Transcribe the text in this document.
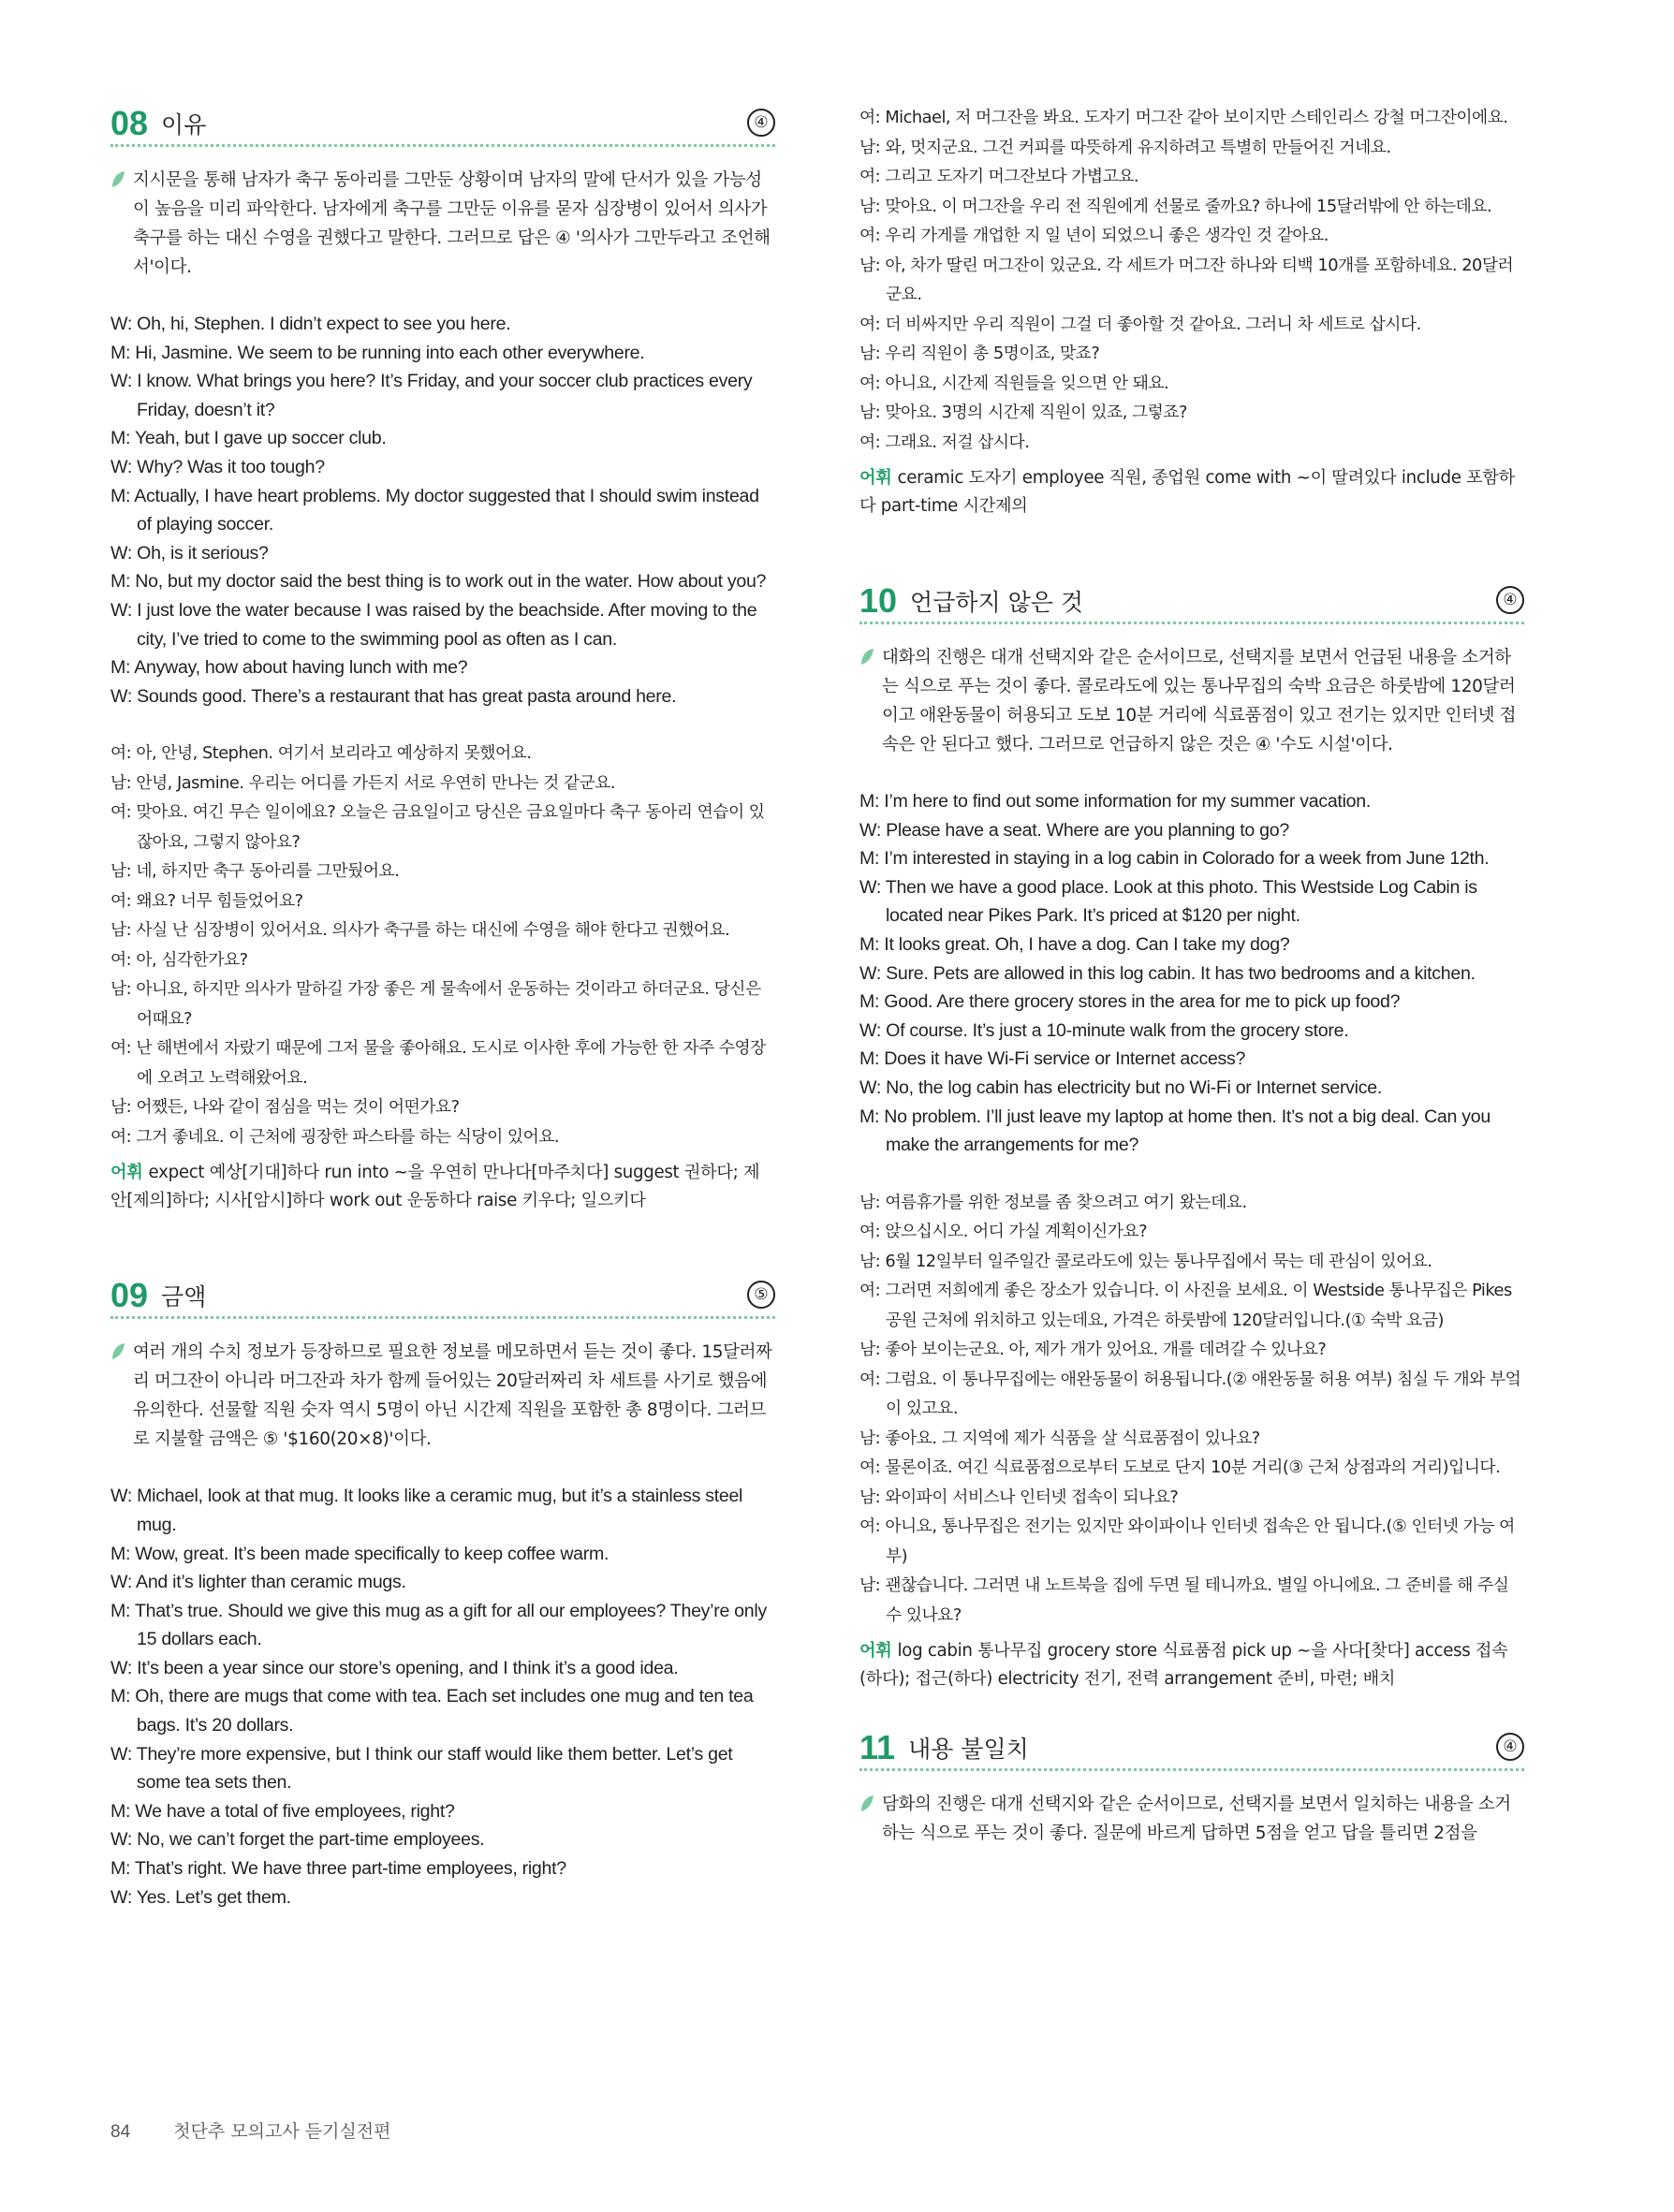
08 이유	④
지시문을 통해 남자가 축구 동아리를 그만둔 상황이며 남자의 말에 단서가 있을 가능성이 높음을 미리 파악한다. 남자에게 축구를 그만둔 이유를 묻자 심장병이 있어서 의사가 축구를 하는 대신 수영을 권했다고 말한다. 그러므로 답은 ④ '의사가 그만두라고 조언해서'이다.
W: Oh, hi, Stephen. I didn’t expect to see you here.
M: Hi, Jasmine. We seem to be running into each other everywhere.
W: I know. What brings you here? It’s Friday, and your soccer club practices every Friday, doesn’t it?
M: Yeah, but I gave up soccer club.
W: Why? Was it too tough?
M: Actually, I have heart problems. My doctor suggested that I should swim instead of playing soccer.
W: Oh, is it serious?
M: No, but my doctor said the best thing is to work out in the water. How about you?
W: I just love the water because I was raised by the beachside. After moving to the city, I’ve tried to come to the swimming pool as often as I can.
M: Anyway, how about having lunch with me?
W: Sounds good. There’s a restaurant that has great pasta around here.
여: 아, 안녕, Stephen. 여기서 보리라고 예상하지 못했어요.
남: 안녕, Jasmine. 우리는 어디를 가든지 서로 우연히 만나는 것 같군요.
여: 맞아요. 여긴 무슨 일이에요? 오늘은 금요일이고 당신은 금요일마다 축구 동아리 연습이 있잖아요, 그렇지 않아요?
남: 네, 하지만 축구 동아리를 그만뒀어요.
여: 왜요? 너무 힘들었어요?
남: 사실 난 심장병이 있어서요. 의사가 축구를 하는 대신에 수영을 해야 한다고 권했어요.
여: 아, 심각한가요?
남: 아니요, 하지만 의사가 말하길 가장 좋은 게 물속에서 운동하는 것이라고 하더군요. 당신은 어때요?
여: 난 해변에서 자랐기 때문에 그저 물을 좋아해요. 도시로 이사한 후에 가능한 한 자주 수영장에 오려고 노력해왔어요.
남: 어쨌든, 나와 같이 점심을 먹는 것이 어떤가요?
여: 그거 좋네요. 이 근처에 굉장한 파스타를 하는 식당이 있어요.
어휘 expect 예상[기대]하다 run into ~을 우연히 만나다[마주치다] suggest 권하다; 제안[제의]하다; 시사[암시]하다 work out 운동하다 raise 키우다; 일으키다
09 금액	⑤
여러 개의 수치 정보가 등장하므로 필요한 정보를 메모하면서 듣는 것이 좋다. 15달러짜리 머그잔이 아니라 머그잔과 차가 함께 들어있는 20달러짜리 차 세트를 사기로 했음에 유의한다. 선물할 직원 숫자 역시 5명이 아닌 시간제 직원을 포함한 총 8명이다. 그러므로 지불할 금액은 ⑤ '$160(20×8)'이다.
W: Michael, look at that mug. It looks like a ceramic mug, but it’s a stainless steel mug.
M: Wow, great. It’s been made specifically to keep coffee warm.
W: And it’s lighter than ceramic mugs.
M: That’s true. Should we give this mug as a gift for all our employees? They’re only 15 dollars each.
W: It’s been a year since our store’s opening, and I think it’s a good idea.
M: Oh, there are mugs that come with tea. Each set includes one mug and ten tea bags. It’s 20 dollars.
W: They’re more expensive, but I think our staff would like them better. Let’s get some tea sets then.
M: We have a total of five employees, right?
W: No, we can’t forget the part-time employees.
M: That’s right. We have three part-time employees, right?
W: Yes. Let’s get them.
여: Michael, 저 머그잔을 봐요. 도자기 머그잔 같아 보이지만 스테인리스 강철 머그잔이에요.
남: 와, 멋지군요. 그건 커피를 따뜻하게 유지하려고 특별히 만들어진 거네요.
여: 그리고 도자기 머그잔보다 가볍고요.
남: 맞아요. 이 머그잔을 우리 전 직원에게 선물로 줄까요? 하나에 15달러밖에 안 하는데요.
여: 우리 가게를 개업한 지 일 년이 되었으니 좋은 생각인 것 같아요.
남: 아, 차가 딸린 머그잔이 있군요. 각 세트가 머그잔 하나와 티백 10개를 포함하네요. 20달러군요.
여: 더 비싸지만 우리 직원이 그걸 더 좋아할 것 같아요. 그러니 차 세트로 삽시다.
남: 우리 직원이 총 5명이죠, 맞죠?
여: 아니요, 시간제 직원들을 잊으면 안 돼요.
남: 맞아요. 3명의 시간제 직원이 있죠, 그렇죠?
여: 그래요. 저걸 삽시다.
어휘 ceramic 도자기 employee 직원, 종업원 come with ~이 딸려있다 include 포함하다 part-time 시간제의
10 언급하지 않은 것	④
대화의 진행은 대개 선택지와 같은 순서이므로, 선택지를 보면서 언급된 내용을 소거하는 식으로 푸는 것이 좋다. 콜로라도에 있는 통나무집의 숙박 요금은 하룻밤에 120달러이고 애완동물이 허용되고 도보 10분 거리에 식료품점이 있고 전기는 있지만 인터넷 접속은 안 된다고 했다. 그러므로 언급하지 않은 것은 ④ '수도 시설'이다.
M: I’m here to find out some information for my summer vacation.
W: Please have a seat. Where are you planning to go?
M: I’m interested in staying in a log cabin in Colorado for a week from June 12th.
W: Then we have a good place. Look at this photo. This Westside Log Cabin is located near Pikes Park. It’s priced at $120 per night.
M: It looks great. Oh, I have a dog. Can I take my dog?
W: Sure. Pets are allowed in this log cabin. It has two bedrooms and a kitchen.
M: Good. Are there grocery stores in the area for me to pick up food?
W: Of course. It’s just a 10-minute walk from the grocery store.
M: Does it have Wi-Fi service or Internet access?
W: No, the log cabin has electricity but no Wi-Fi or Internet service.
M: No problem. I’ll just leave my laptop at home then. It’s not a big deal. Can you make the arrangements for me?
남: 여름휴가를 위한 정보를 좀 찾으려고 여기 왔는데요.
여: 앉으십시오. 어디 가실 계획이신가요?
남: 6월 12일부터 일주일간 콜로라도에 있는 통나무집에서 묵는 데 관심이 있어요.
여: 그러면 저희에게 좋은 장소가 있습니다. 이 사진을 보세요. 이 Westside 통나무집은 Pikes 공원 근처에 위치하고 있는데요, 가격은 하룻밤에 120달러입니다.(① 숙박 요금)
남: 좋아 보이는군요. 아, 제가 개가 있어요. 개를 데려갈 수 있나요?
여: 그럼요. 이 통나무집에는 애완동물이 허용됩니다.(② 애완동물 허용 여부) 침실 두 개와 부엌이 있고요.
남: 좋아요. 그 지역에 제가 식품을 살 식료품점이 있나요?
여: 물론이죠. 여긴 식료품점으로부터 도보로 단지 10분 거리(③ 근처 상점과의 거리)입니다.
남: 와이파이 서비스나 인터넷 접속이 되나요?
여: 아니요, 통나무집은 전기는 있지만 와이파이나 인터넷 접속은 안 됩니다.(⑤ 인터넷 가능 여부)
남: 괜찮습니다. 그러면 내 노트북을 집에 두면 될 테니까요. 별일 아니에요. 그 준비를 해 주실 수 있나요?
어휘 log cabin 통나무집 grocery store 식료품점 pick up ~을 사다[찾다] access 접속(하다); 접근(하다) electricity 전기, 전력 arrangement 준비, 마련; 배치
11 내용 불일치	④
담화의 진행은 대개 선택지와 같은 순서이므로, 선택지를 보면서 일치하는 내용을 소거하는 식으로 푸는 것이 좋다. 질문에 바르게 답하면 5점을 얻고 답을 틀리면 2점을
84 첫단추 모의고사 듣기실전편
